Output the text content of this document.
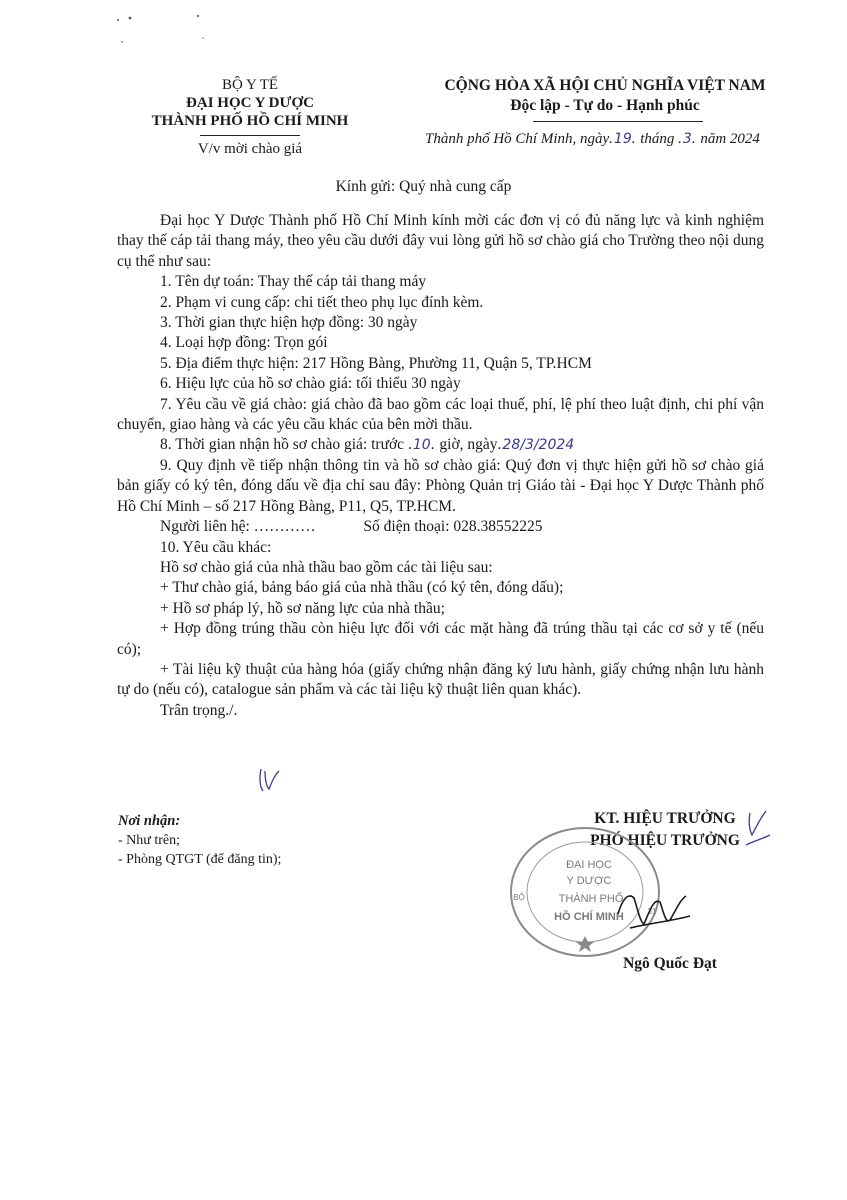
BỘ Y TẾ
ĐẠI HỌC Y DƯỢC
THÀNH PHỐ HỒ CHÍ MINH
V/v mời chào giá
CỘNG HÒA XÃ HỘI CHỦ NGHĨA VIỆT NAM
Độc lập - Tự do - Hạnh phúc
Thành phố Hồ Chí Minh, ngày.19. tháng .3. năm 2024
Kính gửi: Quý nhà cung cấp

Đại học Y Dược Thành phố Hồ Chí Minh kính mời các đơn vị có đủ năng lực và kinh nghiệm thay thế cáp tải thang máy, theo yêu cầu dưới đây vui lòng gửi hồ sơ chào giá cho Trường theo nội dung cụ thể như sau:

1. Tên dự toán: Thay thế cáp tải thang máy

2. Phạm vi cung cấp: chi tiết theo phụ lục đính kèm.

3. Thời gian thực hiện hợp đồng: 30 ngày

4. Loại hợp đồng: Trọn gói

5. Địa điểm thực hiện: 217 Hồng Bàng, Phường 11, Quận 5, TP.HCM

6. Hiệu lực của hồ sơ chào giá: tối thiểu 30 ngày

7. Yêu cầu về giá chào: giá chào đã bao gồm các loại thuế, phí, lệ phí theo luật định, chi phí vận chuyển, giao hàng và các yêu cầu khác của bên mời thầu.

8. Thời gian nhận hồ sơ chào giá: trước .10. giờ, ngày.28/3/2024

9. Quy định về tiếp nhận thông tin và hồ sơ chào giá: Quý đơn vị thực hiện gửi hồ sơ chào giá bản giấy có ký tên, đóng dấu về địa chỉ sau đây: Phòng Quản trị Giáo tài - Đại học Y Dược Thành phố Hồ Chí Minh – số 217 Hồng Bàng, P11, Q5, TP.HCM.

Người liên hệ: …………	Số điện thoại: 028.38552225

10. Yêu cầu khác:

Hồ sơ chào giá của nhà thầu bao gồm các tài liệu sau:

+ Thư chào giá, bảng báo giá của nhà thầu (có ký tên, đóng dấu);

+ Hồ sơ pháp lý, hồ sơ năng lực của nhà thầu;

+ Hợp đồng trúng thầu còn hiệu lực đối với các mặt hàng đã trúng thầu tại các cơ sở y tế (nếu có);

+ Tài liệu kỹ thuật của hàng hóa (giấy chứng nhận đăng ký lưu hành, giấy chứng nhận lưu hành tự do (nếu có), catalogue sản phẩm và các tài liệu kỹ thuật liên quan khác).

Trân trọng./.

Nơi nhận:
- Như trên;
- Phòng QTGT (để đăng tin);
KT. HIỆU TRƯỞNG
PHÓ HIỆU TRƯỞNG
ĐẠI HỌC
Y DƯỢC
THÀNH PHỐ
HỒ CHÍ MINH
BỘ
31
Ngô Quốc Đạt
